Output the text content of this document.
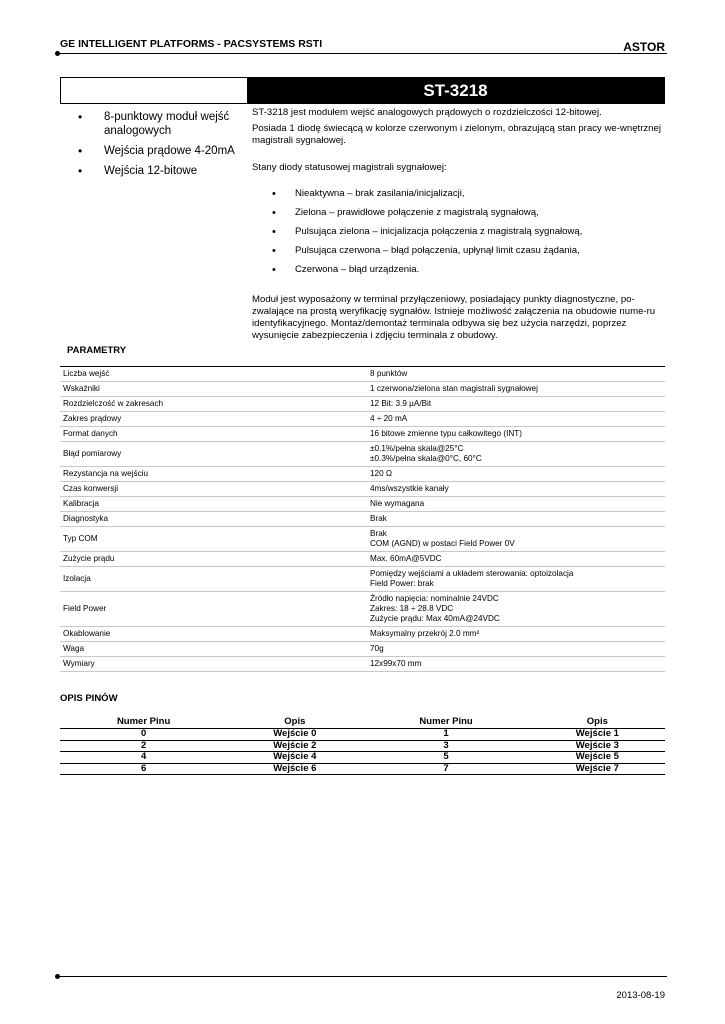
GE INTELLIGENT PLATFORMS - PACSYSTEMS RSTI	ASTOR
ST-3218
• 8-punktowy moduł wejść analogowych
• Wejścia prądowe 4-20mA
• Wejścia 12-bitowe

ST-3218 jest modułem wejść analogowych prądowych o rozdzielczości 12-bitowej.

Posiada 1 diodę świecącą w kolorze czerwonym i zielonym, obrazującą stan pracy we-wnętrznej magistrali sygnałowej.

Stany diody statusowej magistrali sygnałowej:

• Nieaktywna – brak zasilania/inicjalizacji,
• Zielona – prawidłowe połączenie z magistralą sygnałową,
• Pulsująca zielona – inicjalizacja połączenia z magistralą sygnałową,
• Pulsująca czerwona – błąd połączenia, upłynął limit czasu żądania,
• Czerwona – błąd urządzenia.

Moduł jest wyposażony w terminal przyłączeniowy, posiadający punkty diagnostyczne, po-zwalające na prostą weryfikację sygnałów. Istnieje możliwość załączenia na obudowie nume-ru identyfikacyjnego. Montaż/demontaż terminala odbywa się bez użycia narzędzi, poprzez wysunięcie zabezpieczenia i zdjęciu terminala z obudowy.

PARAMETRY
Liczba wejść	8 punktów

Wskaźniki	1 czerwona/zielona stan magistrali sygnałowej

Rozdzielczość w zakresach	12 Bit: 3.9 µA/Bit

Zakres prądowy	4 ÷ 20 mA

Format danych	16 bitowe zmienne typu całkowitego (INT)

Błąd pomiarowy	±0.1%/pełna skala@25°C
±0.3%/pełna skala@0°C, 60°C

Rezystancja na wejściu	120 Ω

Czas konwersji	4ms/wszystkie kanały

Kalibracja	Nie wymagana

Diagnostyka	Brak

Typ COM	Brak
COM (AGND) w postaci Field Power 0V

Zużycie prądu	Max. 60mA@5VDC

Izolacja	Pomiędzy wejściami a układem sterowania: optoizolacja
Field Power: brak

Field Power	Źródło napięcia: nominalnie 24VDC
Zakres: 18 ÷ 28.8 VDC
Zużycie prądu: Max 40mA@24VDC

Okablowanie	Maksymalny przekrój 2.0 mm²

Waga	70g

Wymiary	12x99x70 mm
OPIS PINÓW
Numer Pinu	Opis	Numer Pinu	Opis
0	Wejście 0	1	Wejście 1
2	Wejście 2	3	Wejście 3
4	Wejście 4	5	Wejście 5
6	Wejście 6	7	Wejście 7
2013-08-19
